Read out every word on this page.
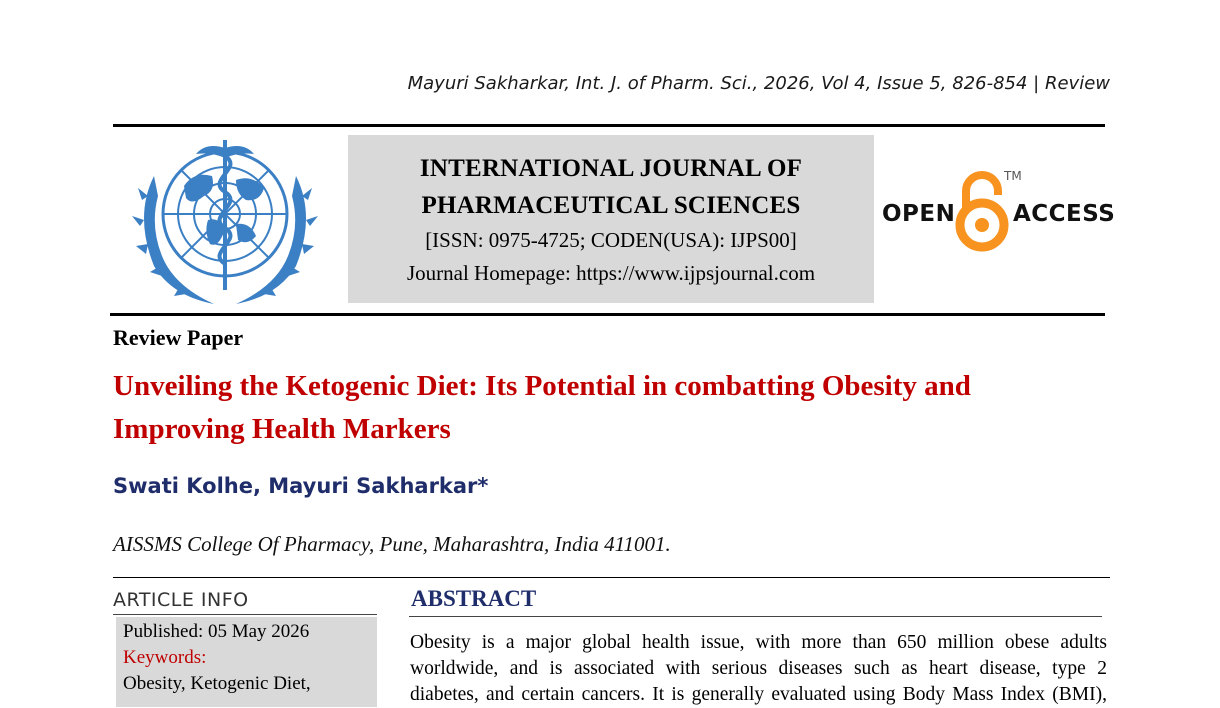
Mayuri Sakharkar, Int. J. of Pharm. Sci., 2026, Vol 4, Issue 5, 826-854 | Review
INTERNATIONAL JOURNAL OF
PHARMACEUTICAL SCIENCES
[ISSN: 0975-4725; CODEN(USA): IJPS00]
Journal Homepage: https://www.ijpsjournal.com
OPEN
TM
ACCESS
Review Paper
Unveiling the Ketogenic Diet: Its Potential in combatting Obesity and
Improving Health Markers
Swati Kolhe, Mayuri Sakharkar*
AISSMS College Of Pharmacy, Pune, Maharashtra, India 411001.
ARTICLE INFO
Published: 05 May 2026
Keywords:
Obesity, Ketogenic Diet,
ABSTRACT
Obesity is a major global health issue, with more than 650 million obese adults
worldwide, and is associated with serious diseases such as heart disease, type 2
diabetes, and certain cancers. It is generally evaluated using Body Mass Index (BMI),
